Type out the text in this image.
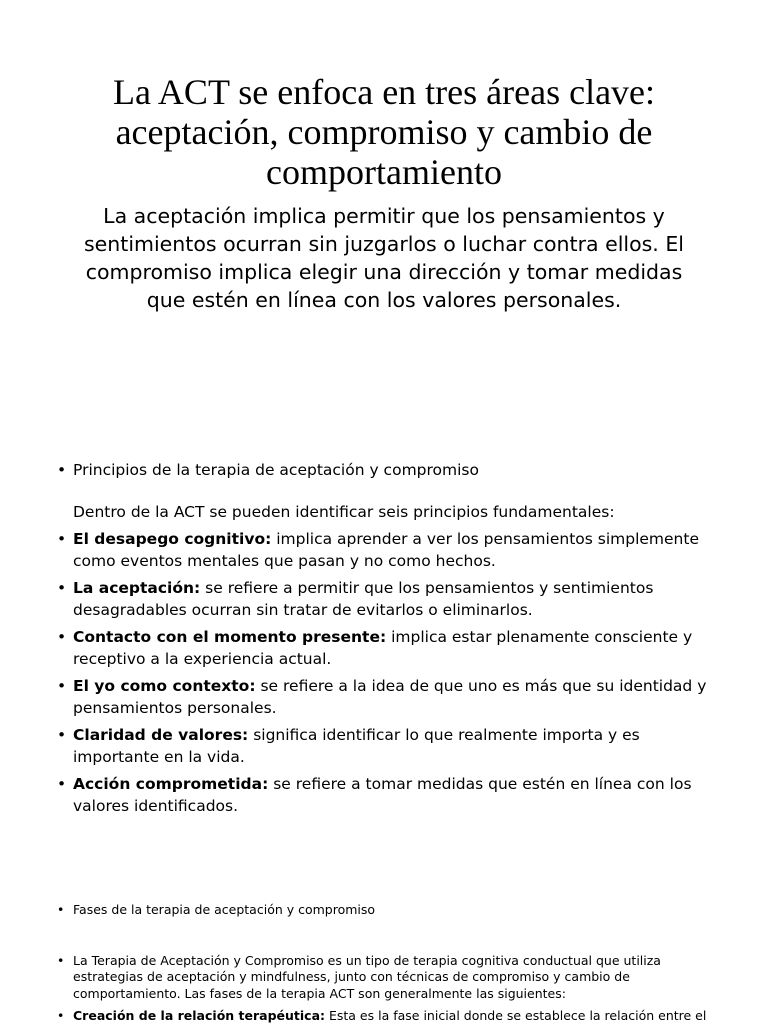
La ACT se enfoca en tres áreas clave: aceptación, compromiso y cambio de comportamiento

La aceptación implica permitir que los pensamientos y sentimientos ocurran sin juzgarlos o luchar contra ellos. El compromiso implica elegir una dirección y tomar medidas que estén en línea con los valores personales.

• Principios de la terapia de aceptación y compromiso
Dentro de la ACT se pueden identificar seis principios fundamentales:
• El desapego cognitivo: implica aprender a ver los pensamientos simplemente como eventos mentales que pasan y no como hechos.
• La aceptación: se refiere a permitir que los pensamientos y sentimientos desagradables ocurran sin tratar de evitarlos o eliminarlos.
• Contacto con el momento presente: implica estar plenamente consciente y receptivo a la experiencia actual.
• El yo como contexto: se refiere a la idea de que uno es más que su identidad y pensamientos personales.
• Claridad de valores: significa identificar lo que realmente importa y es importante en la vida.
• Acción comprometida: se refiere a tomar medidas que estén en línea con los valores identificados.
• Fases de la terapia de aceptación y compromiso
• La Terapia de Aceptación y Compromiso es un tipo de terapia cognitiva conductual que utiliza estrategias de aceptación y mindfulness, junto con técnicas de compromiso y cambio de comportamiento. Las fases de la terapia ACT son generalmente las siguientes:
• Creación de la relación terapéutica: Esta es la fase inicial donde se establece la relación entre el
